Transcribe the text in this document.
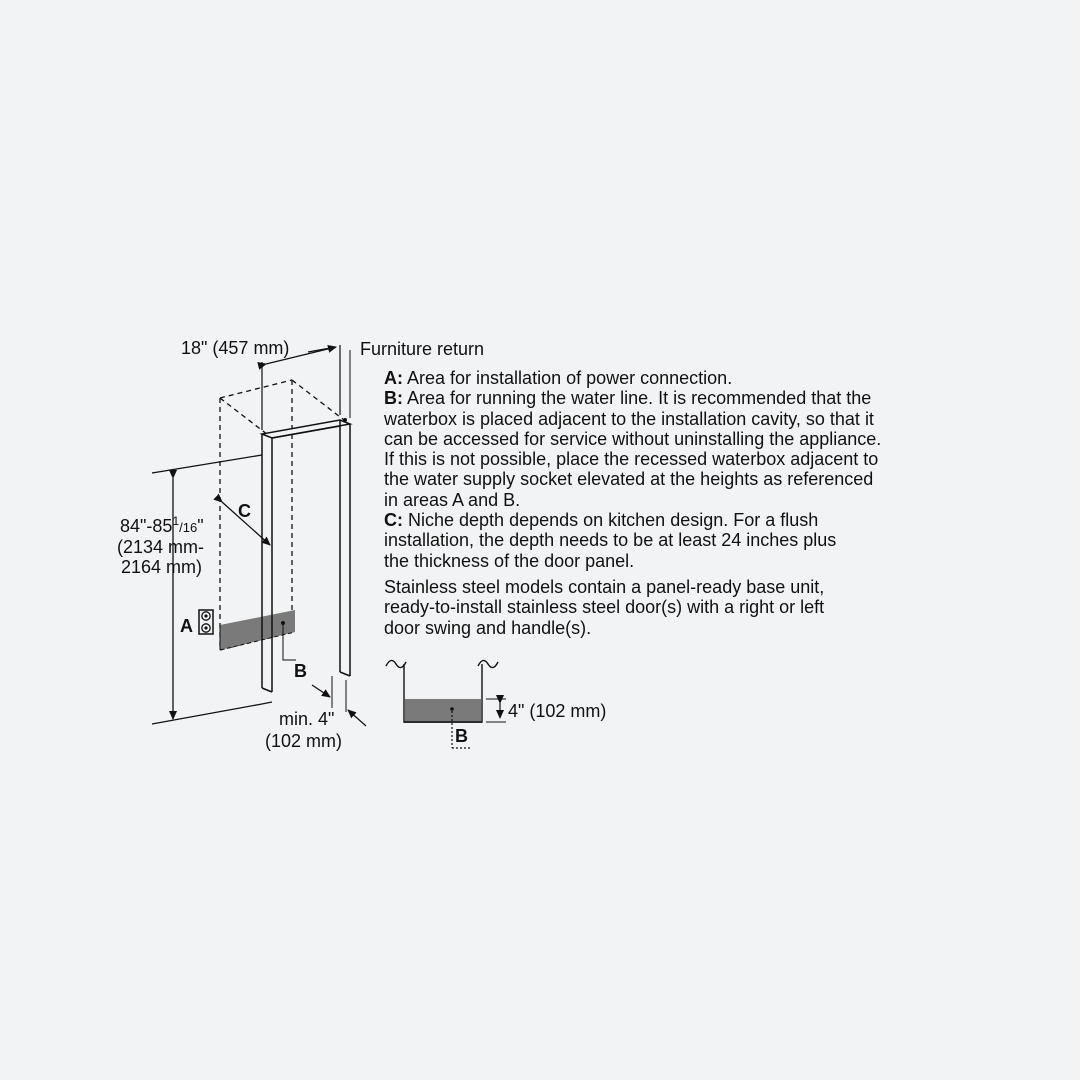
18" (457 mm)	Furniture return
$84"-85^1_{/16}$"
(2134 mm-
2164 mm)
C
A
B
min. 4"
(102 mm)
4" (102 mm)
B
A: Area for installation of power connection.
B: Area for running the water line. It is recommended that the
waterbox is placed adjacent to the installation cavity, so that it
can be accessed for service without uninstalling the appliance.
If this is not possible, place the recessed waterbox adjacent to
the water supply socket elevated at the heights as referenced
in areas A and B.
C: Niche depth depends on kitchen design. For a flush
installation, the depth needs to be at least 24 inches plus
the thickness of the door panel.
Stainless steel models contain a panel-ready base unit,
ready-to-install stainless steel door(s) with a right or left
door swing and handle(s).
